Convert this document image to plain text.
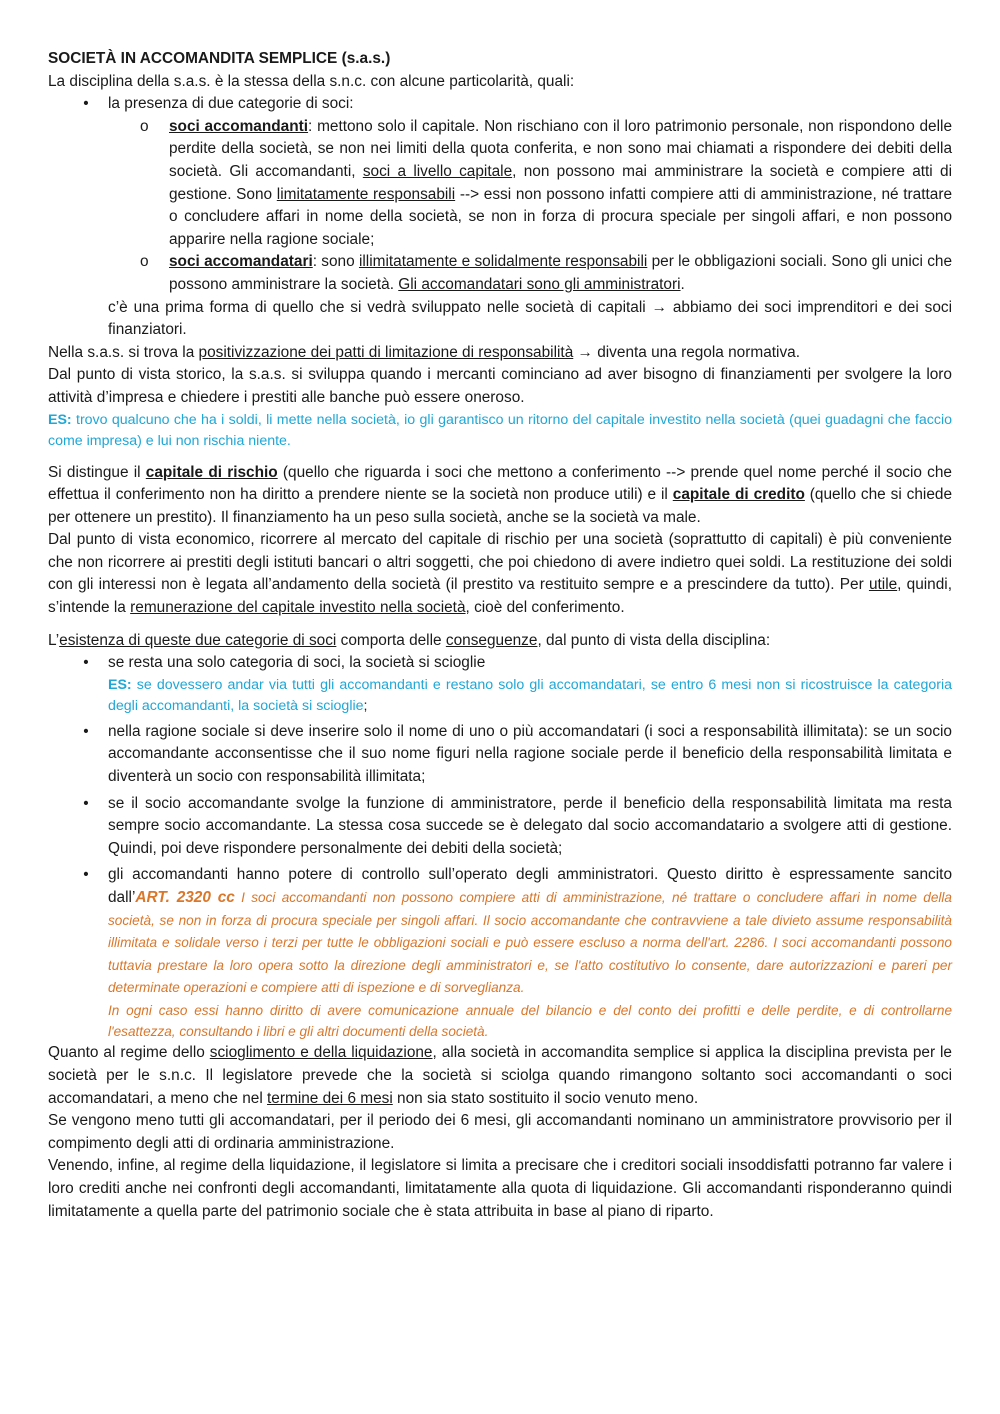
SOCIETÀ IN ACCOMANDITA SEMPLICE (s.a.s.)

La disciplina della s.a.s. è la stessa della s.n.c. con alcune particolarità, quali:

• la presenza di due categorie di soci:
o soci accomandanti: mettono solo il capitale. Non rischiano con il loro patrimonio personale, non rispondono delle perdite della società, se non nei limiti della quota conferita, e non sono mai chiamati a rispondere dei debiti della società. Gli accomandanti, soci a livello capitale, non possono mai amministrare la società e compiere atti di gestione. Sono limitatamente responsabili --> essi non possono infatti compiere atti di amministrazione, né trattare o concludere affari in nome della società, se non in forza di procura speciale per singoli affari, e non possono apparire nella ragione sociale;
o soci accomandatari: sono illimitatamente e solidalmente responsabili per le obbligazioni sociali. Sono gli unici che possono amministrare la società. Gli accomandatari sono gli amministratori.

c’è una prima forma di quello che si vedrà sviluppato nelle società di capitali → abbiamo dei soci imprenditori e dei soci finanziatori.

Nella s.a.s. si trova la positivizzazione dei patti di limitazione di responsabilità → diventa una regola normativa.

Dal punto di vista storico, la s.a.s. si sviluppa quando i mercanti cominciano ad aver bisogno di finanziamenti per svolgere la loro attività d’impresa e chiedere i prestiti alle banche può essere oneroso.

ES: trovo qualcuno che ha i soldi, li mette nella società, io gli garantisco un ritorno del capitale investito nella società (quei guadagni che faccio come impresa) e lui non rischia niente.

Si distingue il capitale di rischio (quello che riguarda i soci che mettono a conferimento --> prende quel nome perché il socio che effettua il conferimento non ha diritto a prendere niente se la società non produce utili) e il capitale di credito (quello che si chiede per ottenere un prestito). Il finanziamento ha un peso sulla società, anche se la società va male.

Dal punto di vista economico, ricorrere al mercato del capitale di rischio per una società (soprattutto di capitali) è più conveniente che non ricorrere ai prestiti degli istituti bancari o altri soggetti, che poi chiedono di avere indietro quei soldi. La restituzione dei soldi con gli interessi non è legata all’andamento della società (il prestito va restituito sempre e a prescindere da tutto). Per utile, quindi, s’intende la remunerazione del capitale investito nella società, cioè del conferimento.

L’esistenza di queste due categorie di soci comporta delle conseguenze, dal punto di vista della disciplina:

• se resta una solo categoria di soci, la società si scioglie

ES: se dovessero andar via tutti gli accomandanti e restano solo gli accomandatari, se entro 6 mesi non si ricostruisce la categoria degli accomandanti, la società si scioglie;

• nella ragione sociale si deve inserire solo il nome di uno o più accomandatari (i soci a responsabilità illimitata): se un socio accomandante acconsentisse che il suo nome figuri nella ragione sociale perde il beneficio della responsabilità limitata e diventerà un socio con responsabilità illimitata;
• se il socio accomandante svolge la funzione di amministratore, perde il beneficio della responsabilità limitata ma resta sempre socio accomandante. La stessa cosa succede se è delegato dal socio accomandatario a svolgere atti di gestione. Quindi, poi deve rispondere personalmente dei debiti della società;
• gli accomandanti hanno potere di controllo sull’operato degli amministratori. Questo diritto è espressamente sancito dall’ART. 2320 cc I soci accomandanti non possono compiere atti di amministrazione, né trattare o concludere affari in nome della società, se non in forza di procura speciale per singoli affari. Il socio accomandante che contravviene a tale divieto assume responsabilità illimitata e solidale verso i terzi per tutte le obbligazioni sociali e può essere escluso a norma dell'art. 2286. I soci accomandanti possono tuttavia prestare la loro opera sotto la direzione degli amministratori e, se l'atto costitutivo lo consente, dare autorizzazioni e pareri per determinate operazioni e compiere atti di ispezione e di sorveglianza.

In ogni caso essi hanno diritto di avere comunicazione annuale del bilancio e del conto dei profitti e delle perdite, e di controllarne l'esattezza, consultando i libri e gli altri documenti della società.

Quanto al regime dello scioglimento e della liquidazione, alla società in accomandita semplice si applica la disciplina prevista per le società per le s.n.c. Il legislatore prevede che la società si sciolga quando rimangono soltanto soci accomandanti o soci accomandatari, a meno che nel termine dei 6 mesi non sia stato sostituito il socio venuto meno.

Se vengono meno tutti gli accomandatari, per il periodo dei 6 mesi, gli accomandanti nominano un amministratore provvisorio per il compimento degli atti di ordinaria amministrazione.

Venendo, infine, al regime della liquidazione, il legislatore si limita a precisare che i creditori sociali insoddisfatti potranno far valere i loro crediti anche nei confronti degli accomandanti, limitatamente alla quota di liquidazione. Gli accomandanti risponderanno quindi limitatamente a quella parte del patrimonio sociale che è stata attribuita in base al piano di riparto.
